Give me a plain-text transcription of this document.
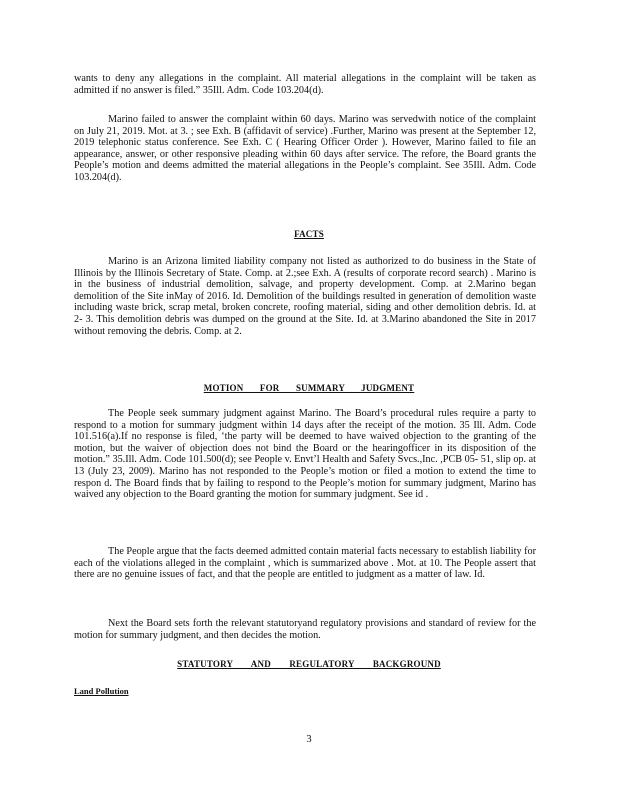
wants to deny any allegations in the complaint. All material allegations in the complaint will be taken as admitted if no answer is filed.” 35Ill. Adm. Code 103.204(d).

Marino failed to answer the complaint within 60 days. Marino was servedwith notice of the complaint on July 21, 2019. Mot. at 3. ; see Exh. B (affidavit of service) .Further, Marino was present at the September 12, 2019 telephonic status conference. See Exh. C ( Hearing Officer Order ). However, Marino failed to file an appearance, answer, or other responsive pleading within 60 days after service. The refore, the Board grants the People’s motion and deems admitted the material allegations in the People’s complaint. See 35Ill. Adm. Code 103.204(d).

FACTS

Marino is an Arizona limited liability company not listed as authorized to do business in the State of Illinois by the Illinois Secretary of State. Comp. at 2.;see Exh. A (results of corporate record search) . Marino is in the business of industrial demolition, salvage, and property development. Comp. at 2.Marino began demolition of the Site inMay of 2016. Id. Demolition of the buildings resulted in generation of demolition waste including waste brick, scrap metal, broken concrete, roofing material, siding and other demolition debris. Id. at 2- 3. This demolition debris was dumped on the ground at the Site. Id. at 3.Marino abandoned the Site in 2017 without removing the debris. Comp. at 2.

MOTION FOR SUMMARY JUDGMENT

The People seek summary judgment against Marino. The Board’s procedural rules require a party to respond to a motion for summary judgment within 14 days after the receipt of the motion. 35 Ill. Adm. Code 101.516(a).If no response is filed, ‘the party will be deemed to have waived objection to the granting of the motion, but the waiver of objection does not bind the Board or the hearingofficer in its disposition of the motion.” 35.Ill. Adm. Code 101.500(d); see People v. Envt’l Health and Safety Svcs.,Inc. ,PCB 05- 51, slip op. at 13 (July 23, 2009). Marino has not responded to the People’s motion or filed a motion to extend the time to respon d. The Board finds that by failing to respond to the People’s motion for summary judgment, Marino has waived any objection to the Board granting the motion for summary judgment. See id .

The People argue that the facts deemed admitted contain material facts necessary to establish liability for each of the violations alleged in the complaint , which is summarized above . Mot. at 10. The People assert that there are no genuine issues of fact, and that the people are entitled to judgment as a matter of law. Id.

Next the Board sets forth the relevant statutoryand regulatory provisions and standard of review for the motion for summary judgment, and then decides the motion.

STATUTORY AND REGULATORY BACKGROUND

Land Pollution

3
